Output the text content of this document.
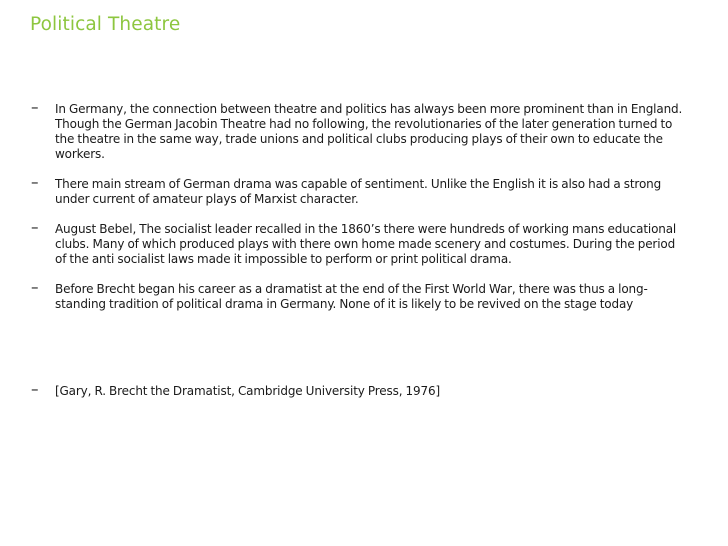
Political Theatre
– In Germany, the connection between theatre and politics has always been more prominent than in England. Though the German Jacobin Theatre had no following, the revolutionaries of the later generation turned to the theatre in the same way, trade unions and political clubs producing plays of their own to educate the workers.
– There main stream of German drama was capable of sentiment. Unlike the English it is also had a strong under current of amateur plays of Marxist character.
– August Bebel, The socialist leader recalled in the 1860’s there were hundreds of working mans educational clubs. Many of which produced plays with there own home made scenery and costumes. During the period of the anti socialist laws made it impossible to perform or print political drama.
– Before Brecht began his career as a dramatist at the end of the First World War, there was thus a long-standing tradition of political drama in Germany. None of it is likely to be revived on the stage today
– [Gary, R. Brecht the Dramatist, Cambridge University Press, 1976]
